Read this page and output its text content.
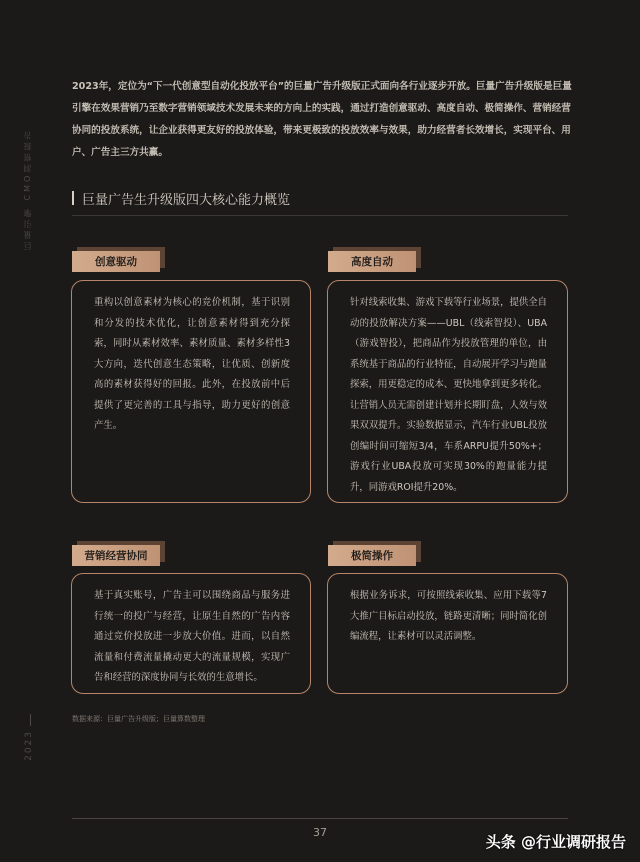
巨量引擎 CMO洞察报告

2023年，定位为“下一代创意型自动化投放平台”的巨量广告升级版正式面向各行业逐步开放。巨量广告升级版是巨量引擎在效果营销乃至数字营销领域技术发展未来的方向上的实践，通过打造创意驱动、高度自动、极简操作、营销经营协同的投放系统，让企业获得更友好的投放体验，带来更极致的投放效率与效果，助力经营者长效增长，实现平台、用户、广告主三方共赢。

巨量广告生升级版四大核心能力概览
创意驱动

重构以创意素材为核心的竞价机制，基于识别和分发的技术优化，让创意素材得到充分探索，同时从素材效率、素材质量、素材多样性3大方向，迭代创意生态策略，让优质、创新度高的素材获得好的回报。此外，在投放前中后提供了更完善的工具与指导，助力更好的创意产生。

高度自动

针对线索收集、游戏下载等行业场景，提供全自动的投放解决方案——UBL（线索智投）、UBA（游戏智投），把商品作为投放管理的单位，由系统基于商品的行业特征，自动展开学习与跑量探索，用更稳定的成本、更快地拿到更多转化。让营销人员无需创建计划并长期盯盘，人效与效果双双提升。实验数据显示，汽车行业UBL投放创编时间可缩短3/4，车系ARPU提升50%+；游戏行业UBA投放可实现30%的跑量能力提升，同游戏ROI提升20%。

营销经营协同

基于真实账号，广告主可以围绕商品与服务进行统一的投广与经营，让原生自然的广告内容通过竞价投放进一步放大价值。进而，以自然流量和付费流量撬动更大的流量规模，实现广告和经营的深度协同与长效的生意增长。

极简操作

根据业务诉求，可按照线索收集、应用下载等7大推广目标启动投放，链路更清晰；同时简化创编流程，让素材可以灵活调整。

数据来源：巨量广告升级版；巨量算数整理
2023
37
头条 @行业调研报告
